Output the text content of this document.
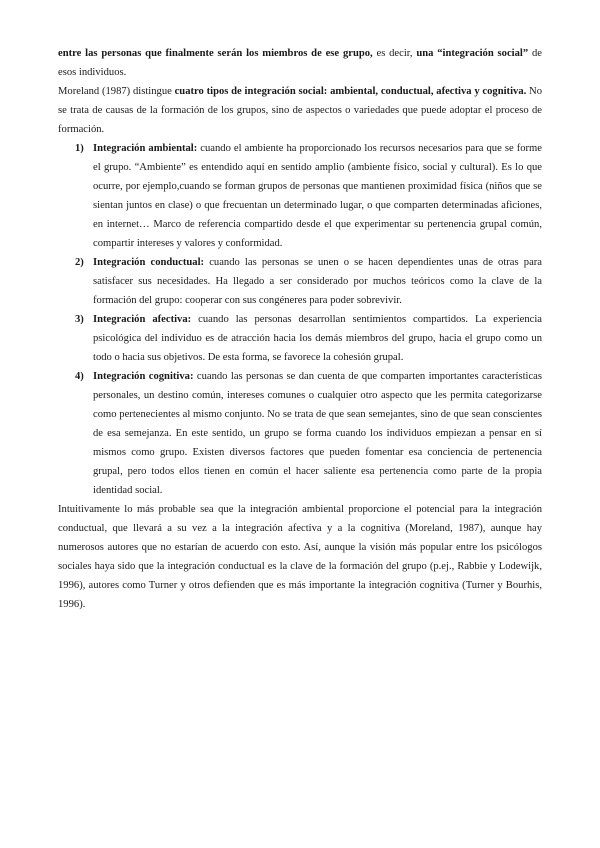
entre las personas que finalmente serán los miembros de ese grupo, es decir, una “integración social” de esos individuos.

Moreland (1987) distingue cuatro tipos de integración social: ambiental, conductual, afectiva y cognitiva. No se trata de causas de la formación de los grupos, sino de aspectos o variedades que puede adoptar el proceso de formación.

1) Integración ambiental: cuando el ambiente ha proporcionado los recursos necesarios para que se forme el grupo. “Ambiente” es entendido aquí en sentido amplio (ambiente físico, social y cultural). Es lo que ocurre, por ejemplo,cuando se forman grupos de personas que mantienen proximidad física (niños que se sientan juntos en clase) o que frecuentan un determinado lugar, o que comparten determinadas aficiones, en internet… Marco de referencia compartido desde el que experimentar su pertenencia grupal común, compartir intereses y valores y conformidad.
2) Integración conductual: cuando las personas se unen o se hacen dependientes unas de otras para satisfacer sus necesidades. Ha llegado a ser considerado por muchos teóricos como la clave de la formación del grupo: cooperar con sus congéneres para poder sobrevivir.
3) Integración afectiva: cuando las personas desarrollan sentimientos compartidos. La experiencia psicológica del individuo es de atracción hacia los demás miembros del grupo, hacia el grupo como un todo o hacia sus objetivos. De esta forma, se favorece la cohesión grupal.
4) Integración cognitiva: cuando las personas se dan cuenta de que comparten importantes características personales, un destino común, intereses comunes o cualquier otro aspecto que les permita categorizarse como pertenecientes al mismo conjunto. No se trata de que sean semejantes, sino de que sean conscientes de esa semejanza. En este sentido, un grupo se forma cuando los individuos empiezan a pensar en sí mismos como grupo. Existen diversos factores que pueden fomentar esa conciencia de pertenencia grupal, pero todos ellos tienen en común el hacer saliente esa pertenencia como parte de la propia identidad social.

Intuitivamente lo más probable sea que la integración ambiental proporcione el potencial para la integración conductual, que llevará a su vez a la integración afectiva y a la cognitiva (Moreland, 1987), aunque hay numerosos autores que no estarían de acuerdo con esto. Así, aunque la visión más popular entre los psicólogos sociales haya sido que la integración conductual es la clave de la formación del grupo (p.ej., Rabbie y Lodewijk, 1996), autores como Turner y otros defienden que es más importante la integración cognitiva (Turner y Bourhis, 1996).
